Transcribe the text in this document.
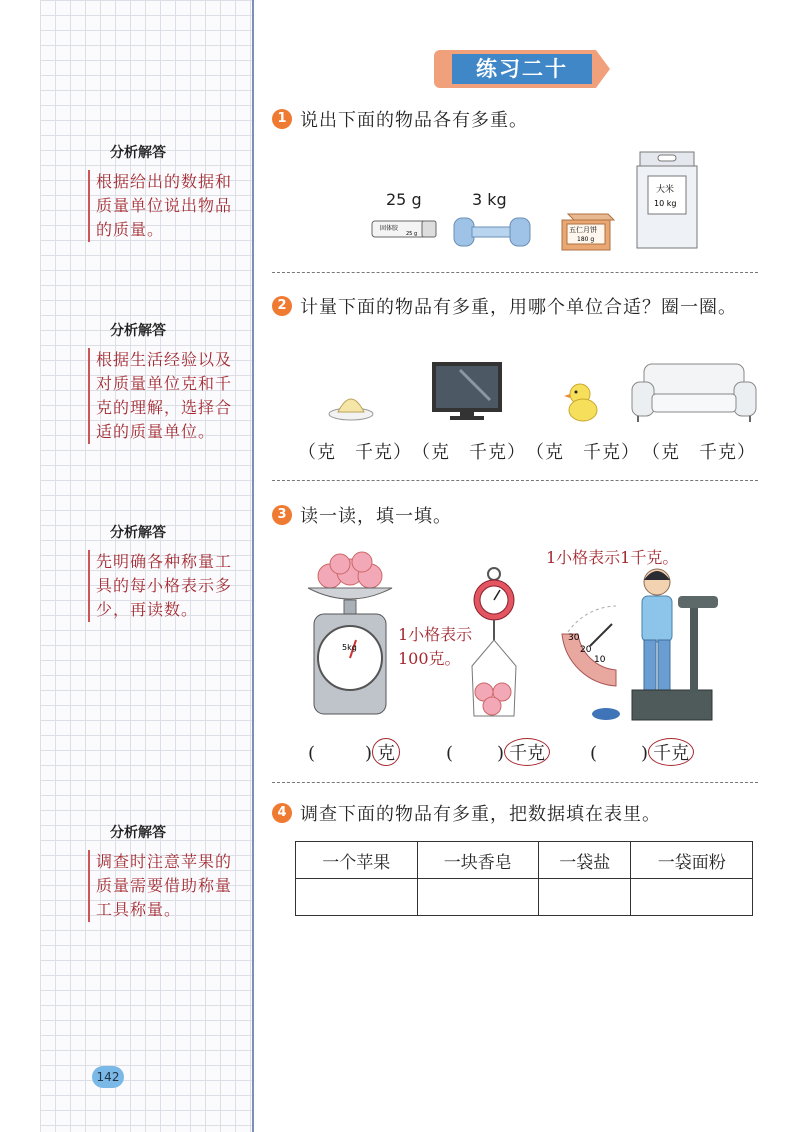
分析解答
根据给出的数据和质量单位说出物品的质量。
分析解答
根据生活经验以及对质量单位克和千克的理解，选择合适的质量单位。
分析解答
先明确各种称量工具的每小格表示多少，再读数。
分析解答
调查时注意苹果的质量需要借助称量工具称量。
142
练习二十
1 说出下面的物品各有多重。
25 g	3 kg
固体胶
25 g	五仁月饼
180 g
大米
10 kg
2 计量下面的物品有多重，用哪个单位合适？圈一圈。
（克　千克） （克　千克） （克　千克） （克　千克）
3 读一读，填一填。
5kg
1小格表示
100克。
1小格表示1千克。
30
20
10
(	) 克	( ) 千克 ( ) 千克
4 调查下面的物品有多重，把数据填在表里。
一个苹果	一块香皂	一袋盐	一袋面粉
